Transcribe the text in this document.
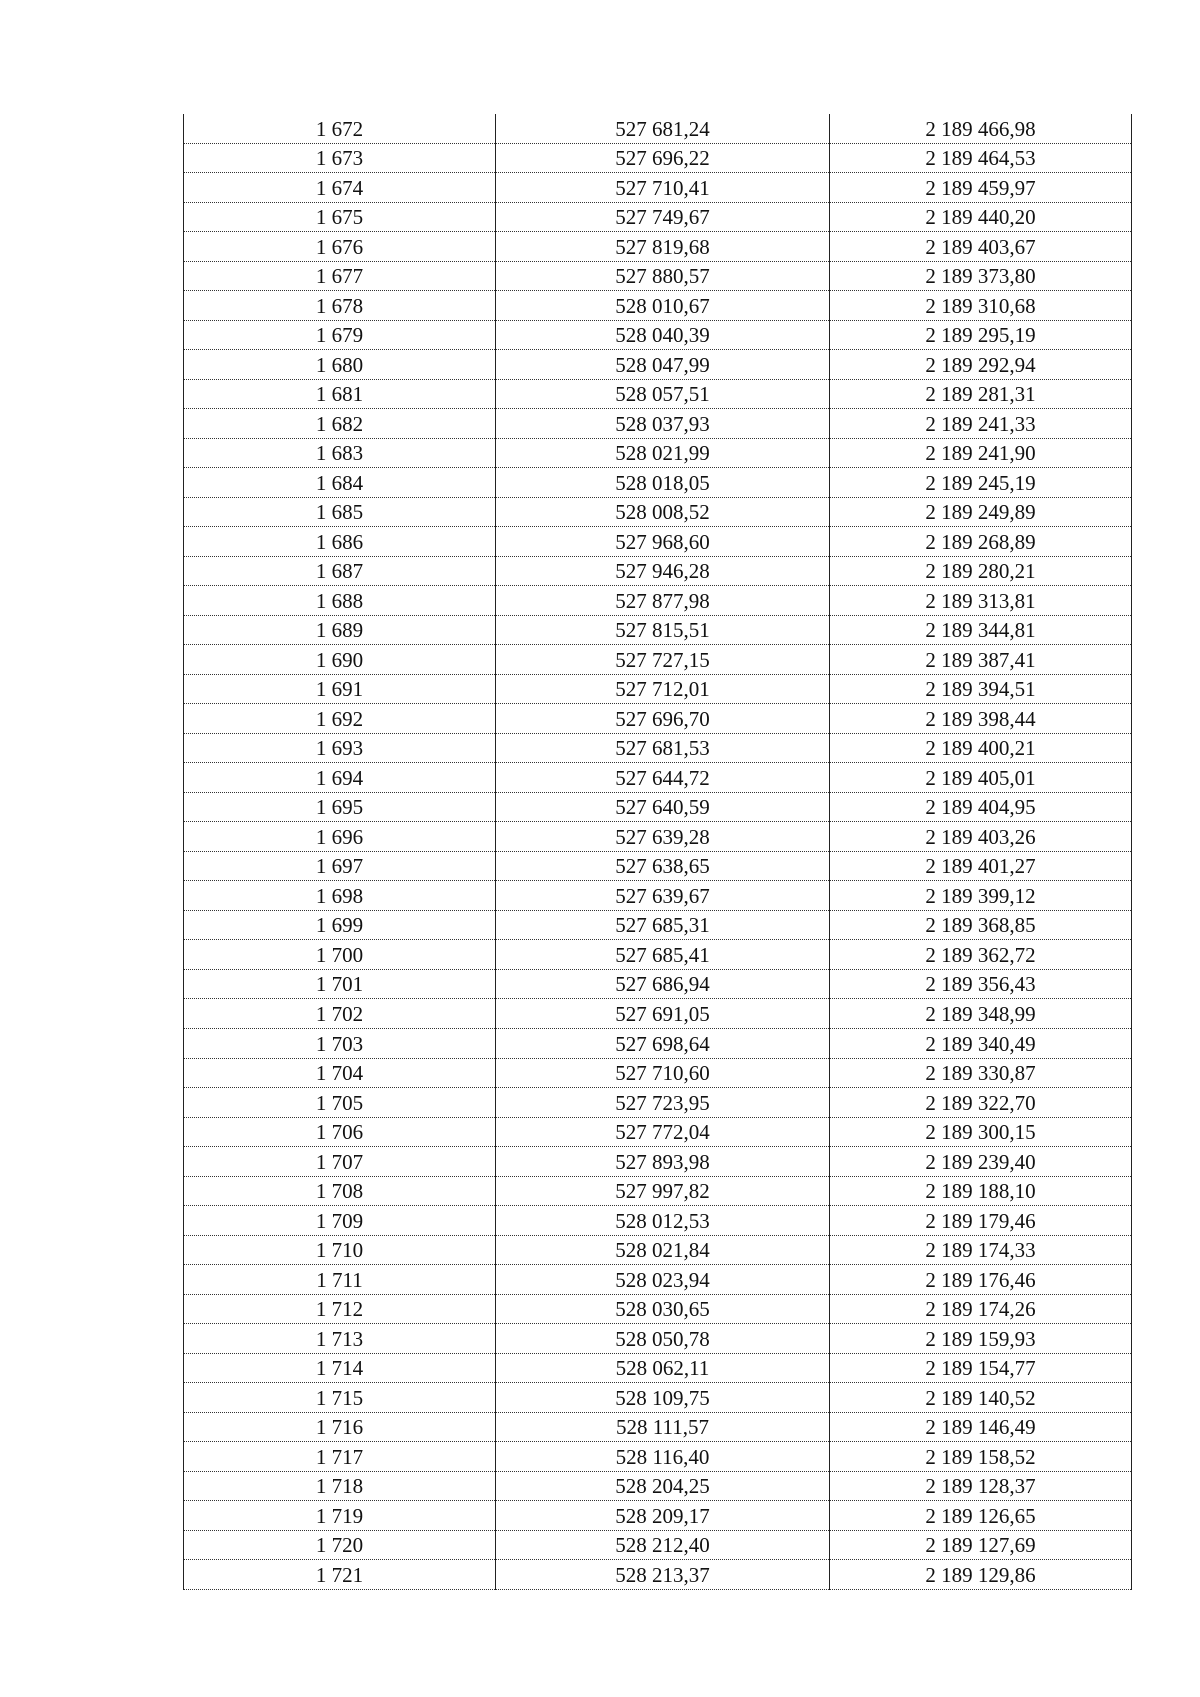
1 672	527 681,24	2 189 466,98
1 673	527 696,22	2 189 464,53
1 674	527 710,41	2 189 459,97
1 675	527 749,67	2 189 440,20
1 676	527 819,68	2 189 403,67
1 677	527 880,57	2 189 373,80
1 678	528 010,67	2 189 310,68
1 679	528 040,39	2 189 295,19
1 680	528 047,99	2 189 292,94
1 681	528 057,51	2 189 281,31
1 682	528 037,93	2 189 241,33
1 683	528 021,99	2 189 241,90
1 684	528 018,05	2 189 245,19
1 685	528 008,52	2 189 249,89
1 686	527 968,60	2 189 268,89
1 687	527 946,28	2 189 280,21
1 688	527 877,98	2 189 313,81
1 689	527 815,51	2 189 344,81
1 690	527 727,15	2 189 387,41
1 691	527 712,01	2 189 394,51
1 692	527 696,70	2 189 398,44
1 693	527 681,53	2 189 400,21
1 694	527 644,72	2 189 405,01
1 695	527 640,59	2 189 404,95
1 696	527 639,28	2 189 403,26
1 697	527 638,65	2 189 401,27
1 698	527 639,67	2 189 399,12
1 699	527 685,31	2 189 368,85
1 700	527 685,41	2 189 362,72
1 701	527 686,94	2 189 356,43
1 702	527 691,05	2 189 348,99
1 703	527 698,64	2 189 340,49
1 704	527 710,60	2 189 330,87
1 705	527 723,95	2 189 322,70
1 706	527 772,04	2 189 300,15
1 707	527 893,98	2 189 239,40
1 708	527 997,82	2 189 188,10
1 709	528 012,53	2 189 179,46
1 710	528 021,84	2 189 174,33
1 711	528 023,94	2 189 176,46
1 712	528 030,65	2 189 174,26
1 713	528 050,78	2 189 159,93
1 714	528 062,11	2 189 154,77
1 715	528 109,75	2 189 140,52
1 716	528 111,57	2 189 146,49
1 717	528 116,40	2 189 158,52
1 718	528 204,25	2 189 128,37
1 719	528 209,17	2 189 126,65
1 720	528 212,40	2 189 127,69
1 721	528 213,37	2 189 129,86
